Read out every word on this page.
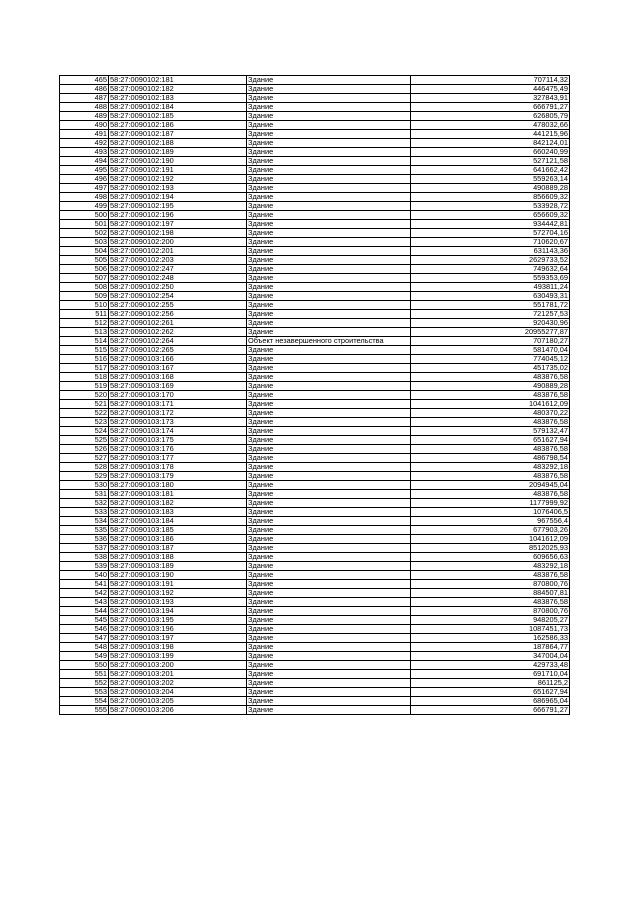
465	58:27:0090102:181	Здание	707114,32
486	58:27:0090102:182	Здание	446475,49
487	58:27:0090102:183	Здание	327843,91
488	58:27:0090102:184	Здание	666791,27
489	58:27:0090102:185	Здание	626805,79
490	58:27:0090102:186	Здание	478032,66
491	58:27:0090102:187	Здание	441215,96
492	58:27:0090102:188	Здание	842124,01
493	58:27:0090102:189	Здание	660240,99
494	58:27:0090102:190	Здание	527121,58
495	58:27:0090102:191	Здание	641662,42
496	58:27:0090102:192	Здание	559263,14
497	58:27:0090102:193	Здание	490889,28
498	58:27:0090102:194	Здание	856609,32
499	58:27:0090102:195	Здание	533928,72
500	58:27:0090102:196	Здание	656609,32
501	58:27:0090102:197	Здание	934442,81
502	58:27:0090102:198	Здание	572704,16
503	58:27:0090102:200	Здание	710620,67
504	58:27:0090102:201	Здание	631143,36
505	58:27:0090102:203	Здание	2629733,52
506	58:27:0090102:247	Здание	749632,64
507	58:27:0090102:248	Здание	559353,69
508	58:27:0090102:250	Здание	493811,24
509	58:27:0090102:254	Здание	630493,31
510	58:27:0090102:255	Здание	551781,72
511	58:27:0090102:256	Здание	721257,53
512	58:27:0090102:261	Здание	920430,96
513	58:27:0090102:262	Здание	20955277,87
514	58:27:0090102:264	Объект незавершенного строительства	707180,27
515	58:27:0090102:265	Здание	581470,04
516	58:27:0090103:166	Здание	774045,12
517	58:27:0090103:167	Здание	451735,02
518	58:27:0090103:168	Здание	483876,58
519	58:27:0090103:169	Здание	490889,28
520	58:27:0090103:170	Здание	483876,58
521	58:27:0090103:171	Здание	1041612,09
522	58:27:0090103:172	Здание	480370,22
523	58:27:0090103:173	Здание	483876,58
524	58:27:0090103:174	Здание	579132,47
525	58:27:0090103:175	Здание	651627,94
526	58:27:0090103:176	Здание	483876,58
527	58:27:0090103:177	Здание	486798,54
528	58:27:0090103:178	Здание	483292,18
529	58:27:0090103:179	Здание	483876,58
530	58:27:0090103:180	Здание	2094945,04
531	58:27:0090103:181	Здание	483876,58
532	58:27:0090103:182	Здание	1177999,92
533	58:27:0090103:183	Здание	1076406,5
534	58:27:0090103:184	Здание	967556,4
535	58:27:0090103:185	Здание	677903,26
536	58:27:0090103:186	Здание	1041612,09
537	58:27:0090103:187	Здание	8512025,93
538	58:27:0090103:188	Здание	609656,63
539	58:27:0090103:189	Здание	483292,18
540	58:27:0090103:190	Здание	483876,58
541	58:27:0090103:191	Здание	870800,76
542	58:27:0090103:192	Здание	884507,81
543	58:27:0090103:193	Здание	483876,58
544	58:27:0090103:194	Здание	870800,76
545	58:27:0090103:195	Здание	948205,27
546	58:27:0090103:196	Здание	1087451,73
547	58:27:0090103:197	Здание	162586,33
548	58:27:0090103:198	Здание	187864,77
549	58:27:0090103:199	Здание	347004,04
550	58:27:0090103:200	Здание	429733,48
551	58:27:0090103:201	Здание	691710,04
552	58:27:0090103:202	Здание	861125,2
553	58:27:0090103:204	Здание	651627,94
554	58:27:0090103:205	Здание	686965,04
555	58:27:0090103:206	Здание	666791,27
